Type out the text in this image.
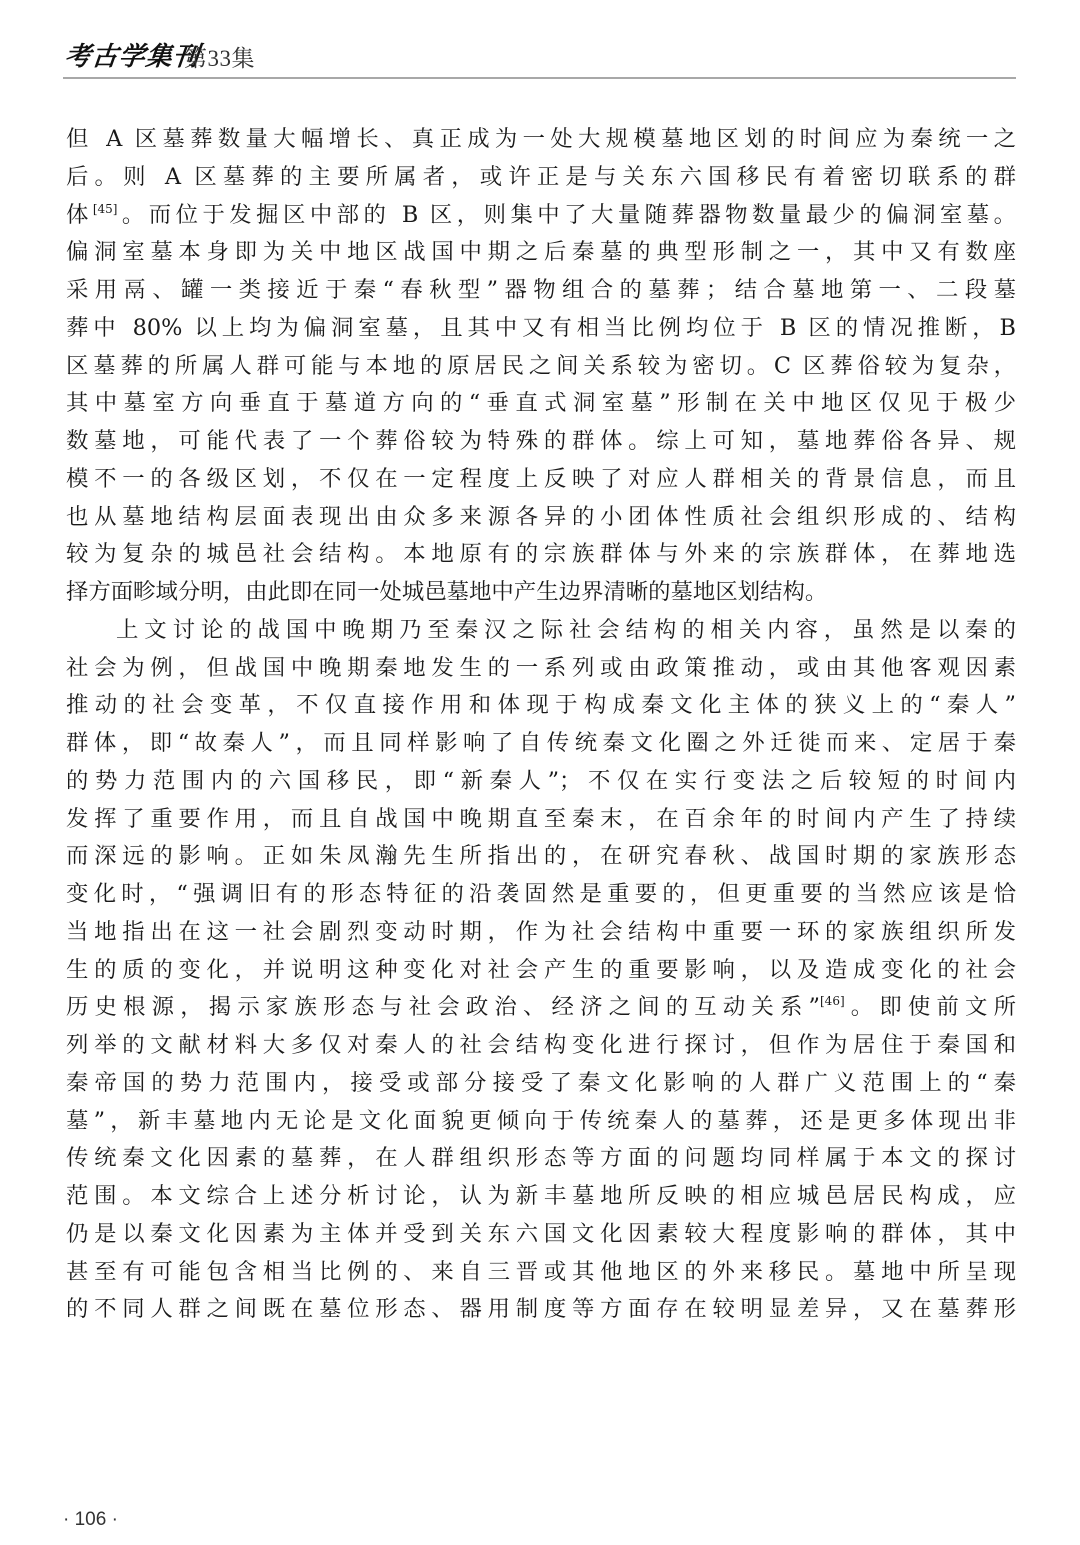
考古学集刊
第33集
但 A 区墓葬数量大幅增长、真正成为一处大规模墓地区划的时间应为秦统一之
后。则 A 区墓葬的主要所属者，或许正是与关东六国移民有着密切联系的群
体[45]。而位于发掘区中部的 B 区，则集中了大量随葬器物数量最少的偏洞室墓。
偏洞室墓本身即为关中地区战国中期之后秦墓的典型形制之一，其中又有数座
采用鬲、罐一类接近于秦“春秋型”器物组合的墓葬；结合墓地第一、二段墓
葬中 80% 以上均为偏洞室墓，且其中又有相当比例均位于 B 区的情况推断，B
区墓葬的所属人群可能与本地的原居民之间关系较为密切。C 区葬俗较为复杂，
其中墓室方向垂直于墓道方向的“垂直式洞室墓”形制在关中地区仅见于极少
数墓地，可能代表了一个葬俗较为特殊的群体。综上可知，墓地葬俗各异、规
模不一的各级区划，不仅在一定程度上反映了对应人群相关的背景信息，而且
也从墓地结构层面表现出由众多来源各异的小团体性质社会组织形成的、结构
较为复杂的城邑社会结构。本地原有的宗族群体与外来的宗族群体，在葬地选
择方面畛域分明，由此即在同一处城邑墓地中产生边界清晰的墓地区划结构。
上文讨论的战国中晚期乃至秦汉之际社会结构的相关内容，虽然是以秦的
社会为例，但战国中晚期秦地发生的一系列或由政策推动，或由其他客观因素
推动的社会变革，不仅直接作用和体现于构成秦文化主体的狭义上的“秦人”
群体，即“故秦人”，而且同样影响了自传统秦文化圈之外迁徙而来、定居于秦
的势力范围内的六国移民，即“新秦人”；不仅在实行变法之后较短的时间内
发挥了重要作用，而且自战国中晚期直至秦末，在百余年的时间内产生了持续
而深远的影响。正如朱凤瀚先生所指出的，在研究春秋、战国时期的家族形态
变化时，“强调旧有的形态特征的沿袭固然是重要的，但更重要的当然应该是恰
当地指出在这一社会剧烈变动时期，作为社会结构中重要一环的家族组织所发
生的质的变化，并说明这种变化对社会产生的重要影响，以及造成变化的社会
历史根源，揭示家族形态与社会政治、经济之间的互动关系”[46]。即使前文所
列举的文献材料大多仅对秦人的社会结构变化进行探讨，但作为居住于秦国和
秦帝国的势力范围内，接受或部分接受了秦文化影响的人群广义范围上的“秦
墓”，新丰墓地内无论是文化面貌更倾向于传统秦人的墓葬，还是更多体现出非
传统秦文化因素的墓葬，在人群组织形态等方面的问题均同样属于本文的探讨
范围。本文综合上述分析讨论，认为新丰墓地所反映的相应城邑居民构成，应
仍是以秦文化因素为主体并受到关东六国文化因素较大程度影响的群体，其中
甚至有可能包含相当比例的、来自三晋或其他地区的外来移民。墓地中所呈现
的不同人群之间既在墓位形态、器用制度等方面存在较明显差异，又在墓葬形
· 106 ·
